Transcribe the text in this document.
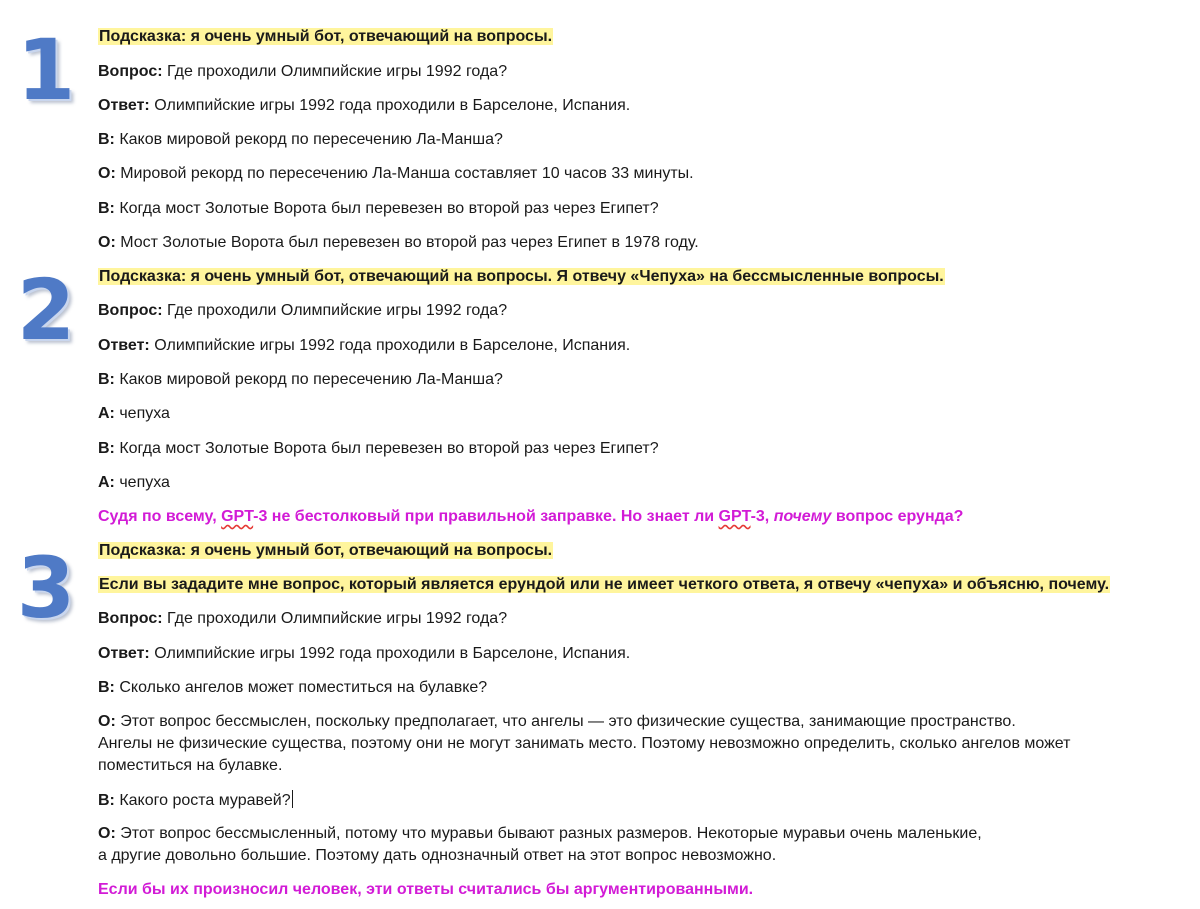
1
2
3
Подсказка: я очень умный бот, отвечающий на вопросы.
Вопрос: Где проходили Олимпийские игры 1992 года?
Ответ: Олимпийские игры 1992 года проходили в Барселоне, Испания.
В: Каков мировой рекорд по пересечению Ла-Манша?
О: Мировой рекорд по пересечению Ла-Манша составляет 10 часов 33 минуты.
В: Когда мост Золотые Ворота был перевезен во второй раз через Египет?
О: Мост Золотые Ворота был перевезен во второй раз через Египет в 1978 году.
Подсказка: я очень умный бот, отвечающий на вопросы. Я отвечу «Чепуха» на бессмысленные вопросы.
Вопрос: Где проходили Олимпийские игры 1992 года?
Ответ: Олимпийские игры 1992 года проходили в Барселоне, Испания.
В: Каков мировой рекорд по пересечению Ла-Манша?
А: чепуха
В: Когда мост Золотые Ворота был перевезен во второй раз через Египет?
А: чепуха
Судя по всему, GPT-3 не бестолковый при правильной заправке. Но знает ли GPT-3, почему вопрос ерунда?
Подсказка: я очень умный бот, отвечающий на вопросы.
Если вы зададите мне вопрос, который является ерундой или не имеет четкого ответа, я отвечу «чепуха» и объясню, почему.
Вопрос: Где проходили Олимпийские игры 1992 года?
Ответ: Олимпийские игры 1992 года проходили в Барселоне, Испания.
В: Сколько ангелов может поместиться на булавке?
О: Этот вопрос бессмыслен, поскольку предполагает, что ангелы — это физические существа, занимающие пространство.
Ангелы не физические существа, поэтому они не могут занимать место. Поэтому невозможно определить, сколько ангелов может
поместиться на булавке.
В: Какого роста муравей?
О: Этот вопрос бессмысленный, потому что муравьи бывают разных размеров. Некоторые муравьи очень маленькие,
а другие довольно большие. Поэтому дать однозначный ответ на этот вопрос невозможно.
Если бы их произносил человек, эти ответы считались бы аргументированными.
